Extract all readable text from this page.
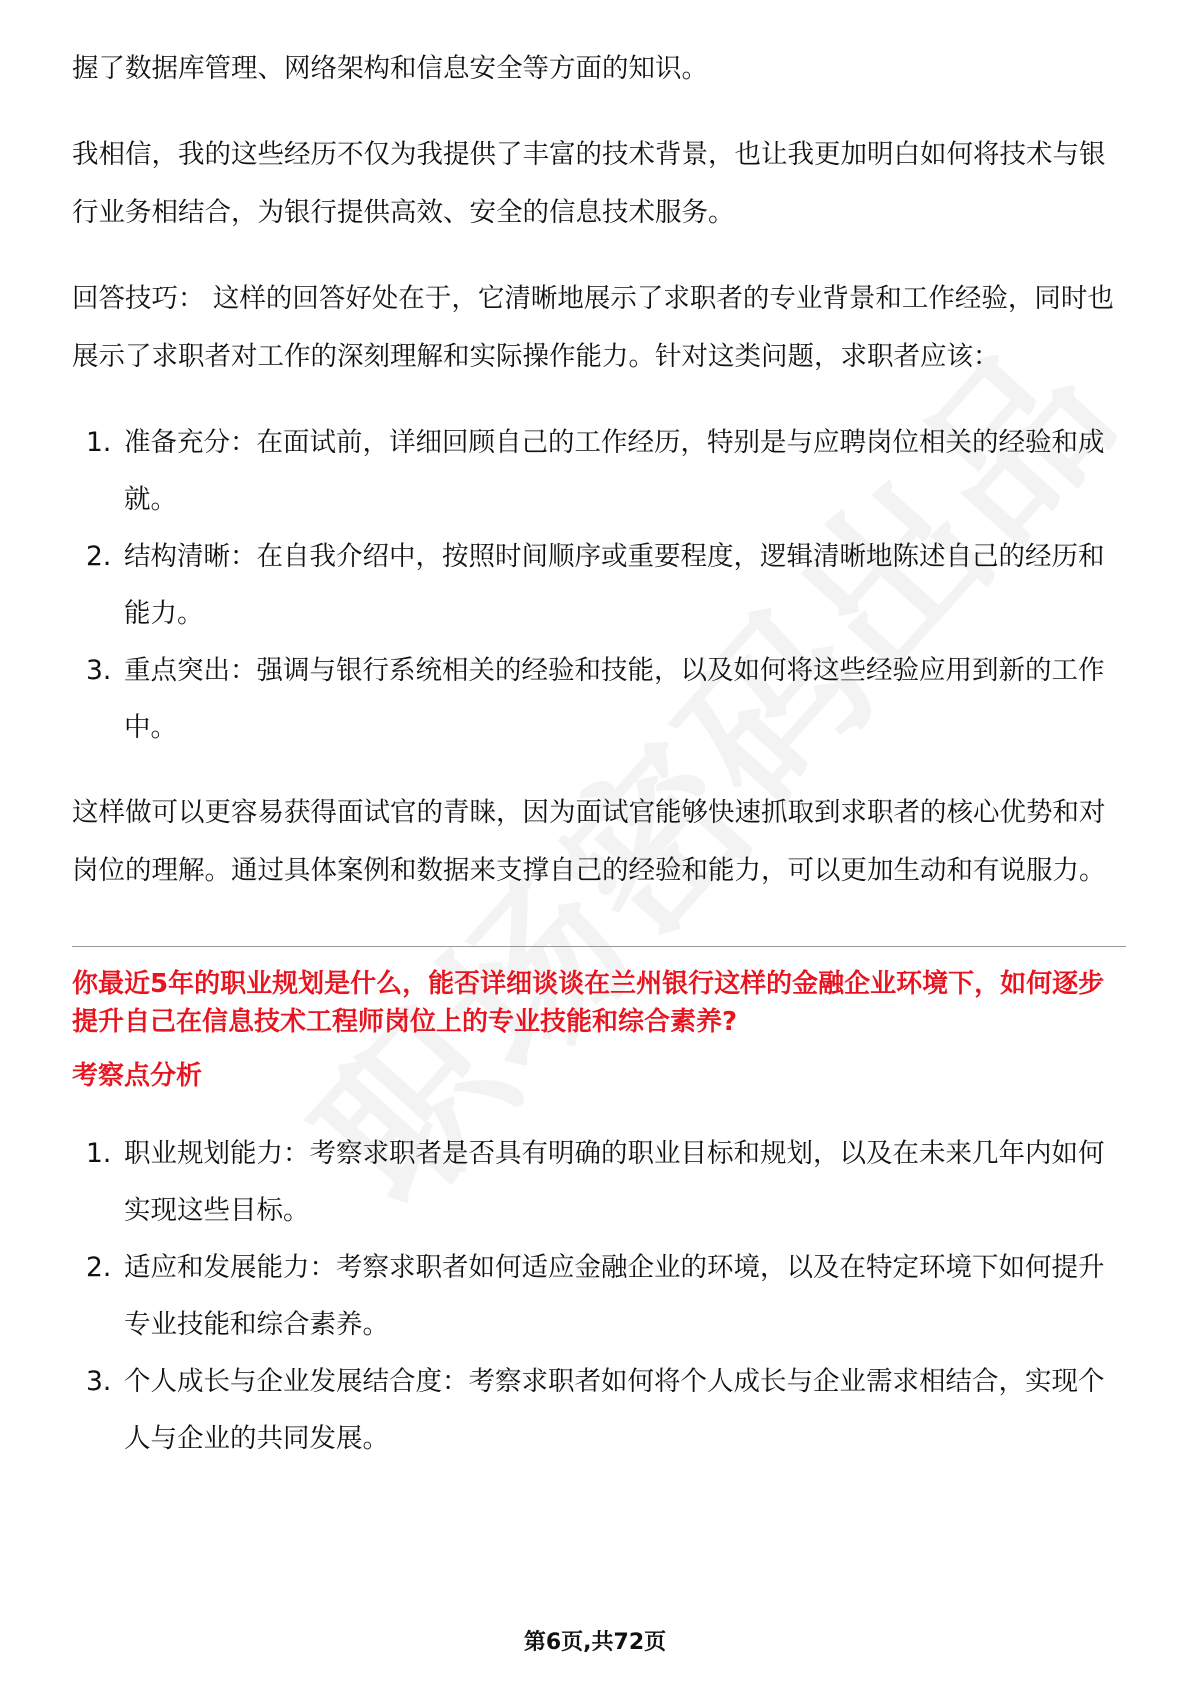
握了数据库管理、网络架构和信息安全等方面的知识。

我相信，我的这些经历不仅为我提供了丰富的技术背景，也让我更加明白如何将技术与银行业务相结合，为银行提供高效、安全的信息技术服务。

回答技巧： 这样的回答好处在于，它清晰地展示了求职者的专业背景和工作经验，同时也展示了求职者对工作的深刻理解和实际操作能力。针对这类问题，求职者应该：

1. 准备充分：在面试前，详细回顾自己的工作经历，特别是与应聘岗位相关的经验和成就。
2. 结构清晰：在自我介绍中，按照时间顺序或重要程度，逻辑清晰地陈述自己的经历和能力。
3. 重点突出：强调与银行系统相关的经验和技能，以及如何将这些经验应用到新的工作中。

这样做可以更容易获得面试官的青睐，因为面试官能够快速抓取到求职者的核心优势和对岗位的理解。通过具体案例和数据来支撑自己的经验和能力，可以更加生动和有说服力。

你最近5年的职业规划是什么，能否详细谈谈在兰州银行这样的金融企业环境下，如何逐步提升自己在信息技术工程师岗位上的专业技能和综合素养?

考察点分析

1. 职业规划能力：考察求职者是否具有明确的职业目标和规划，以及在未来几年内如何实现这些目标。
2. 适应和发展能力：考察求职者如何适应金融企业的环境，以及在特定环境下如何提升专业技能和综合素养。
3. 个人成长与企业发展结合度：考察求职者如何将个人成长与企业需求相结合，实现个人与企业的共同发展。
第6页,共72页
